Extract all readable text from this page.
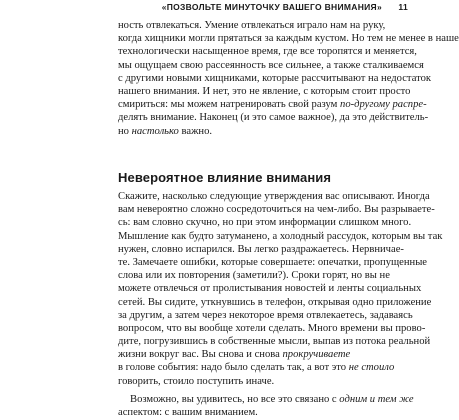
«ПОЗВОЛЬТЕ МИНУТОЧКУ ВАШЕГО ВНИМАНИЯ» 11
ность отвлекаться. Умение отвлекаться играло нам на руку,
когда хищники могли прятаться за каждым кустом. Но тем не менее в наше
технологически насыщенное время, где все торопятся и меняется,
мы ощущаем свою рассеянность все сильнее, а также сталкиваемся
с другими новыми хищниками, которые рассчитывают на недостаток
нашего внимания. И нет, это не явление, с которым стоит просто
смириться: мы можем натренировать свой разум по-другому распре-
делять внимание. Наконец (и это самое важное), да это действитель-
но настолько важно.
Невероятное влияние внимания
Скажите, насколько следующие утверждения вас описывают. Иногда
вам невероятно сложно сосредоточиться на чем-либо. Вы разрываете-
сь: вам словно скучно, но при этом информации слишком много.
Мышление как будто затуманено, а холодный рассудок, которым вы так
нужен, словно испарился. Вы легко раздражаетесь. Нервничае-
те. Замечаете ошибки, которые совершаете: опечатки, пропущенные
слова или их повторения (заметили?). Сроки горят, но вы не
можете отвлечься от пролистывания новостей и ленты социальных
сетей. Вы сидите, уткнувшись в телефон, открывая одно приложение
за другим, а затем через некоторое время отвлекаетесь, задаваясь
вопросом, что вы вообще хотели сделать. Много времени вы прово-
дите, погрузившись в собственные мысли, выпав из потока реальной
жизни вокруг вас. Вы снова и снова прокручиваете
в голове события: надо было сделать так, а вот это не стоило
говорить, стоило поступить иначе.
Возможно, вы удивитесь, но все это связано с одним и тем же
аспектом: с вашим вниманием.
